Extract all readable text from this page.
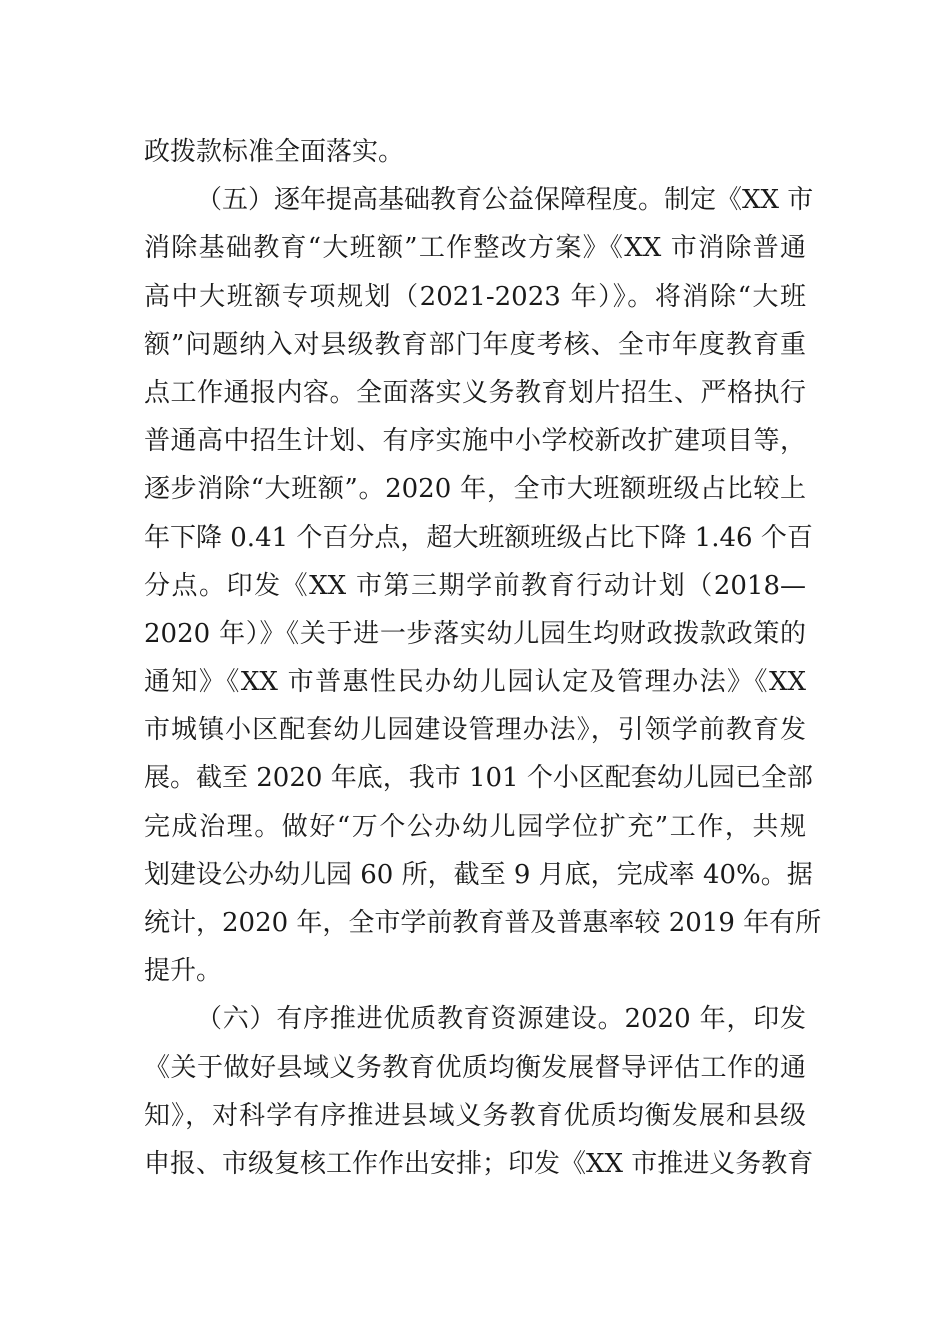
政拨款标准全面落实。
（五）逐年提高基础教育公益保障程度。制定《XX 市
消除基础教育“大班额”工作整改方案》《XX 市消除普通
高中大班额专项规划（2021-2023 年）》。将消除“大班
额”问题纳入对县级教育部门年度考核、全市年度教育重
点工作通报内容。全面落实义务教育划片招生、严格执行
普通高中招生计划、有序实施中小学校新改扩建项目等，
逐步消除“大班额”。2020 年，全市大班额班级占比较上
年下降 0.41 个百分点，超大班额班级占比下降 1.46 个百
分点。印发《XX 市第三期学前教育行动计划（2018—
2020 年）》《关于进一步落实幼儿园生均财政拨款政策的
通知》《XX 市普惠性民办幼儿园认定及管理办法》《XX
市城镇小区配套幼儿园建设管理办法》，引领学前教育发
展。截至 2020 年底，我市 101 个小区配套幼儿园已全部
完成治理。做好“万个公办幼儿园学位扩充”工作，共规
划建设公办幼儿园 60 所，截至 9 月底，完成率 40%。据
统计，2020 年，全市学前教育普及普惠率较 2019 年有所
提升。
（六）有序推进优质教育资源建设。2020 年，印发
《关于做好县域义务教育优质均衡发展督导评估工作的通
知》，对科学有序推进县域义务教育优质均衡发展和县级
申报、市级复核工作作出安排；印发《XX 市推进义务教育
